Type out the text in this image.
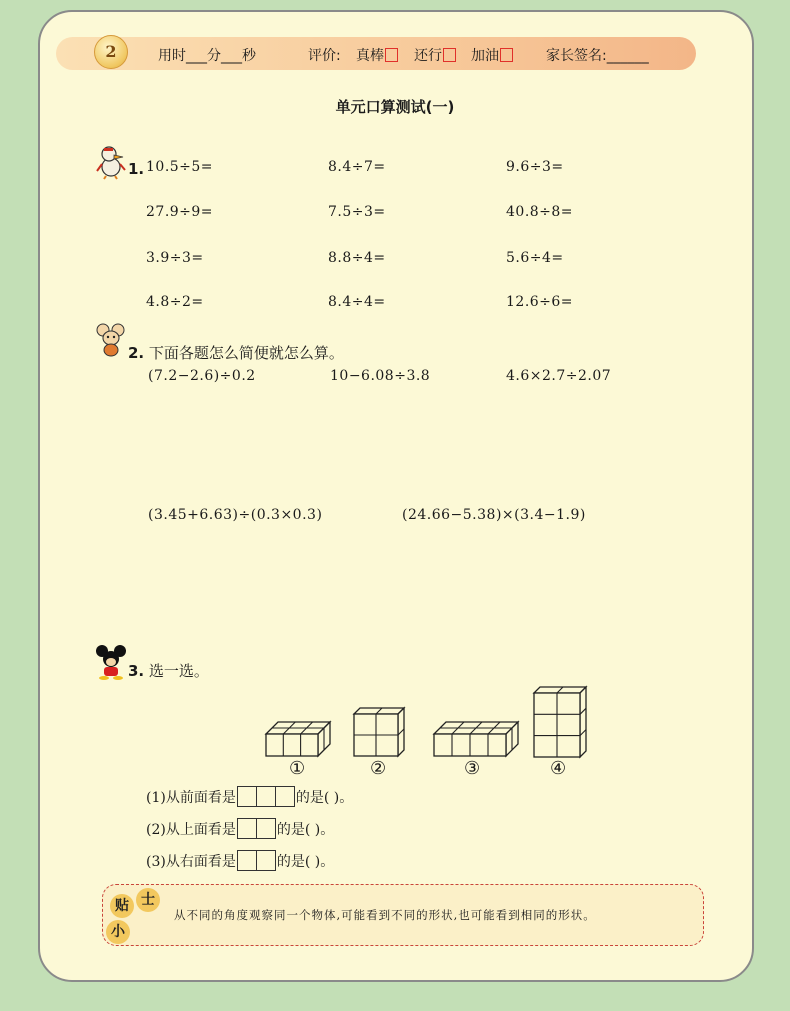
用时___分___秒	评价: 真棒	还行	加油	家长签名:______
2
单元口算测试(一)
1. 10.5÷5=	8.4÷7=	9.6÷3=
27.9÷9=	7.5÷3=	40.8÷8=
3.9÷3=	8.8÷4=	5.6÷4=
4.8÷2=	8.4÷4=	12.6÷6=
2. 下面各题怎么简便就怎么算。
(7.2−2.6)÷0.2	10−6.08÷3.8	4.6×2.7÷2.07
(3.45+6.63)÷(0.3×0.3)	(24.66−5.38)×(3.4−1.9)
3. 选一选。
①	②	③	④
(1)从前面看是	的是( )。
(2)从上面看是	的是( )。
(3)从右面看是	的是( )。
贴 士
小
从不同的角度观察同一个物体,可能看到不同的形状,也可能看到相同的形状。
